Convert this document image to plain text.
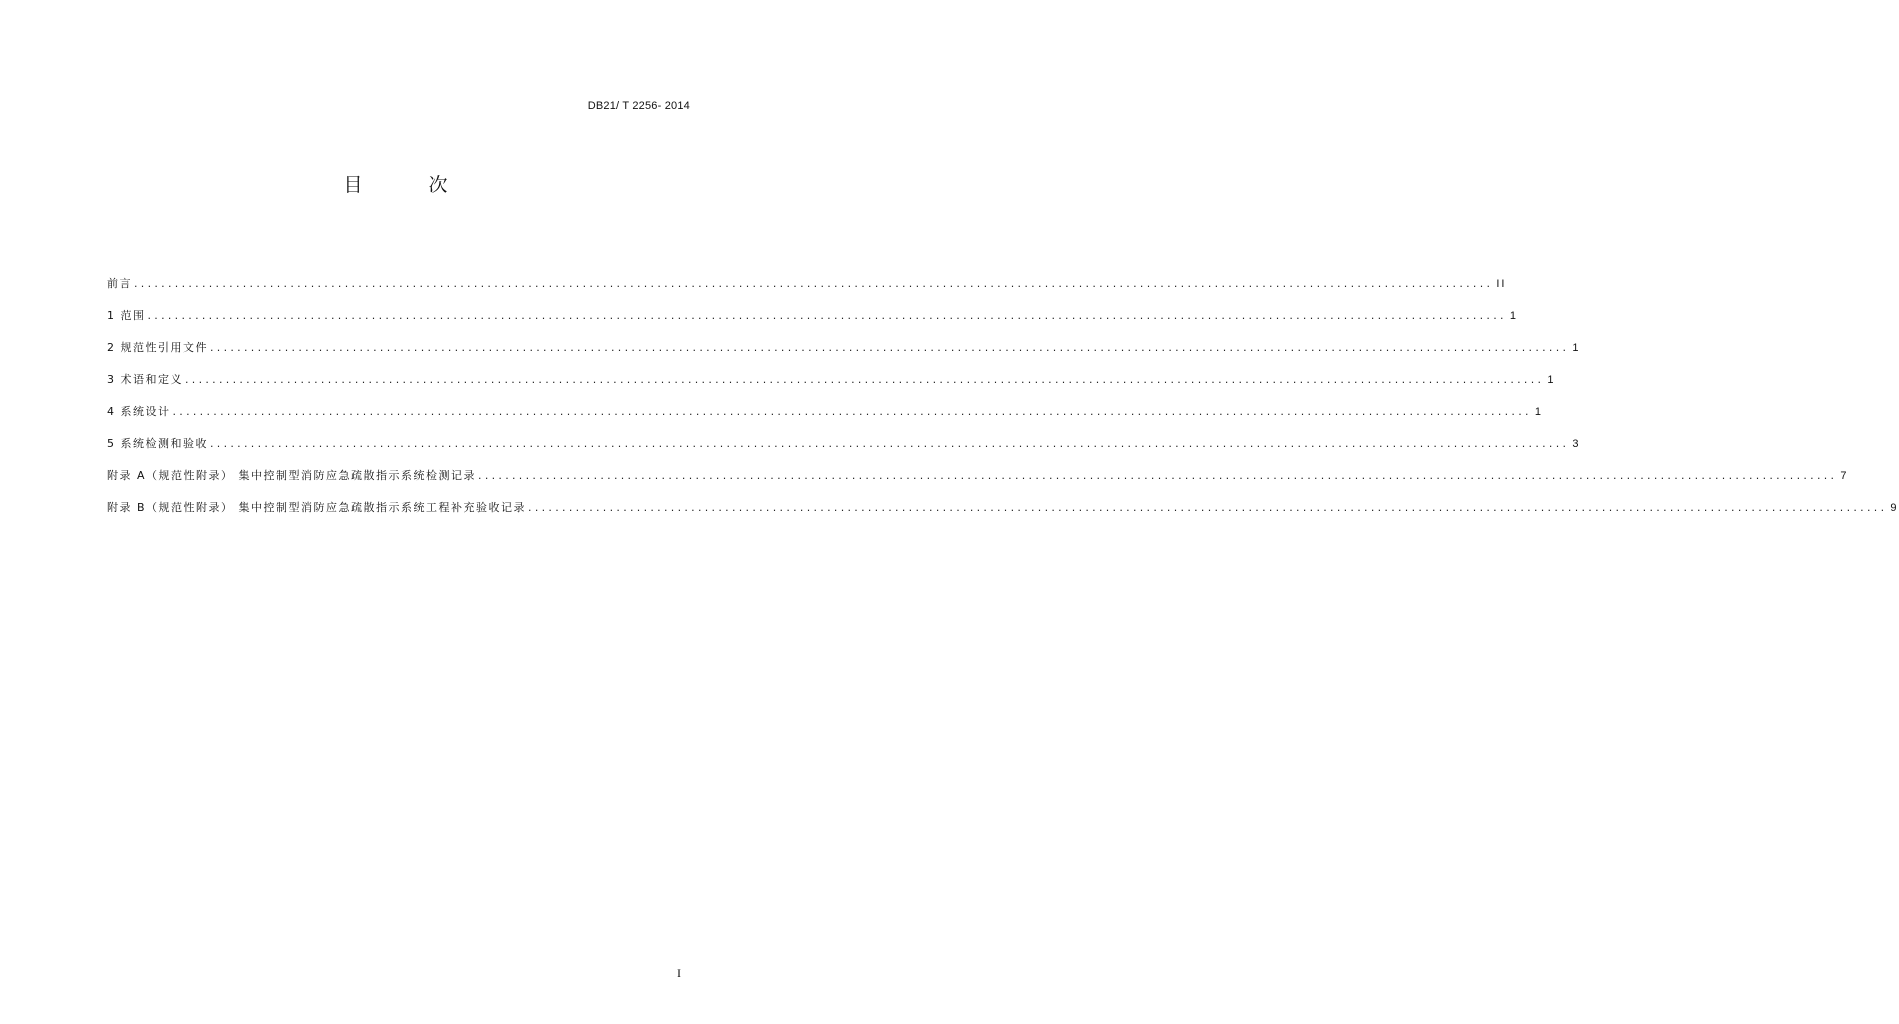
DB21/ T 2256- 2014
目 次
前言 ........................................................................................................................................................................................................ II
1 范围 ........................................................................................................................................................................................................ 1
2 规范性引用文件 ........................................................................................................................................................................................................ 1
3 术语和定义 ........................................................................................................................................................................................................ 1
4 系统设计 ........................................................................................................................................................................................................ 1
5 系统检测和验收 ........................................................................................................................................................................................................ 3
附录 A（规范性附录） 集中控制型消防应急疏散指示系统检测记录 ........................................................................................................................................................................................................ 7
附录 B（规范性附录） 集中控制型消防应急疏散指示系统工程补充验收记录 ........................................................................................................................................................................................................ 9
I
